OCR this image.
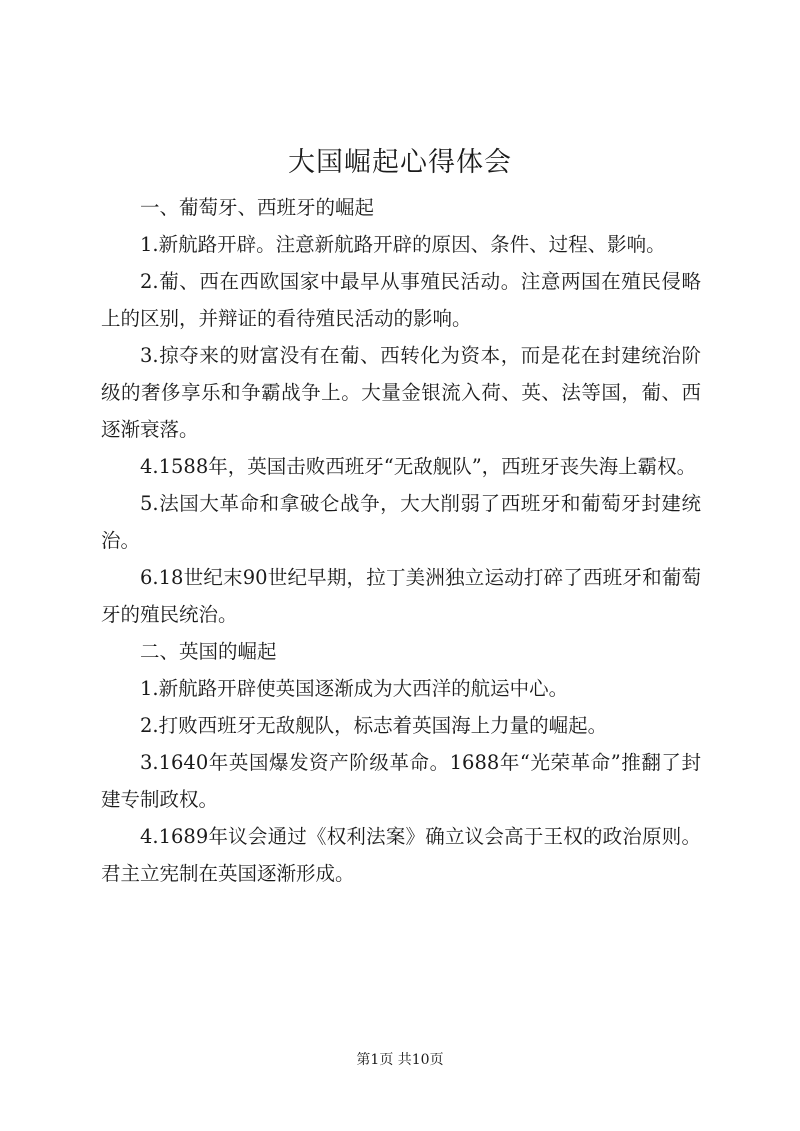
大国崛起心得体会

一、葡萄牙、西班牙的崛起

1.新航路开辟。注意新航路开辟的原因、条件、过程、影响。

2.葡、西在西欧国家中最早从事殖民活动。注意两国在殖民侵略上的区别，并辩证的看待殖民活动的影响。

3.掠夺来的财富没有在葡、西转化为资本，而是花在封建统治阶级的奢侈享乐和争霸战争上。大量金银流入荷、英、法等国，葡、西逐渐衰落。

4.1588年，英国击败西班牙“无敌舰队”，西班牙丧失海上霸权。

5.法国大革命和拿破仑战争，大大削弱了西班牙和葡萄牙封建统治。

6.18世纪末90世纪早期，拉丁美洲独立运动打碎了西班牙和葡萄牙的殖民统治。

二、英国的崛起

1.新航路开辟使英国逐渐成为大西洋的航运中心。

2.打败西班牙无敌舰队，标志着英国海上力量的崛起。

3.1640年英国爆发资产阶级革命。1688年“光荣革命”推翻了封建专制政权。

4.1689年议会通过《权利法案》确立议会高于王权的政治原则。君主立宪制在英国逐渐形成。

第1页 共10页
